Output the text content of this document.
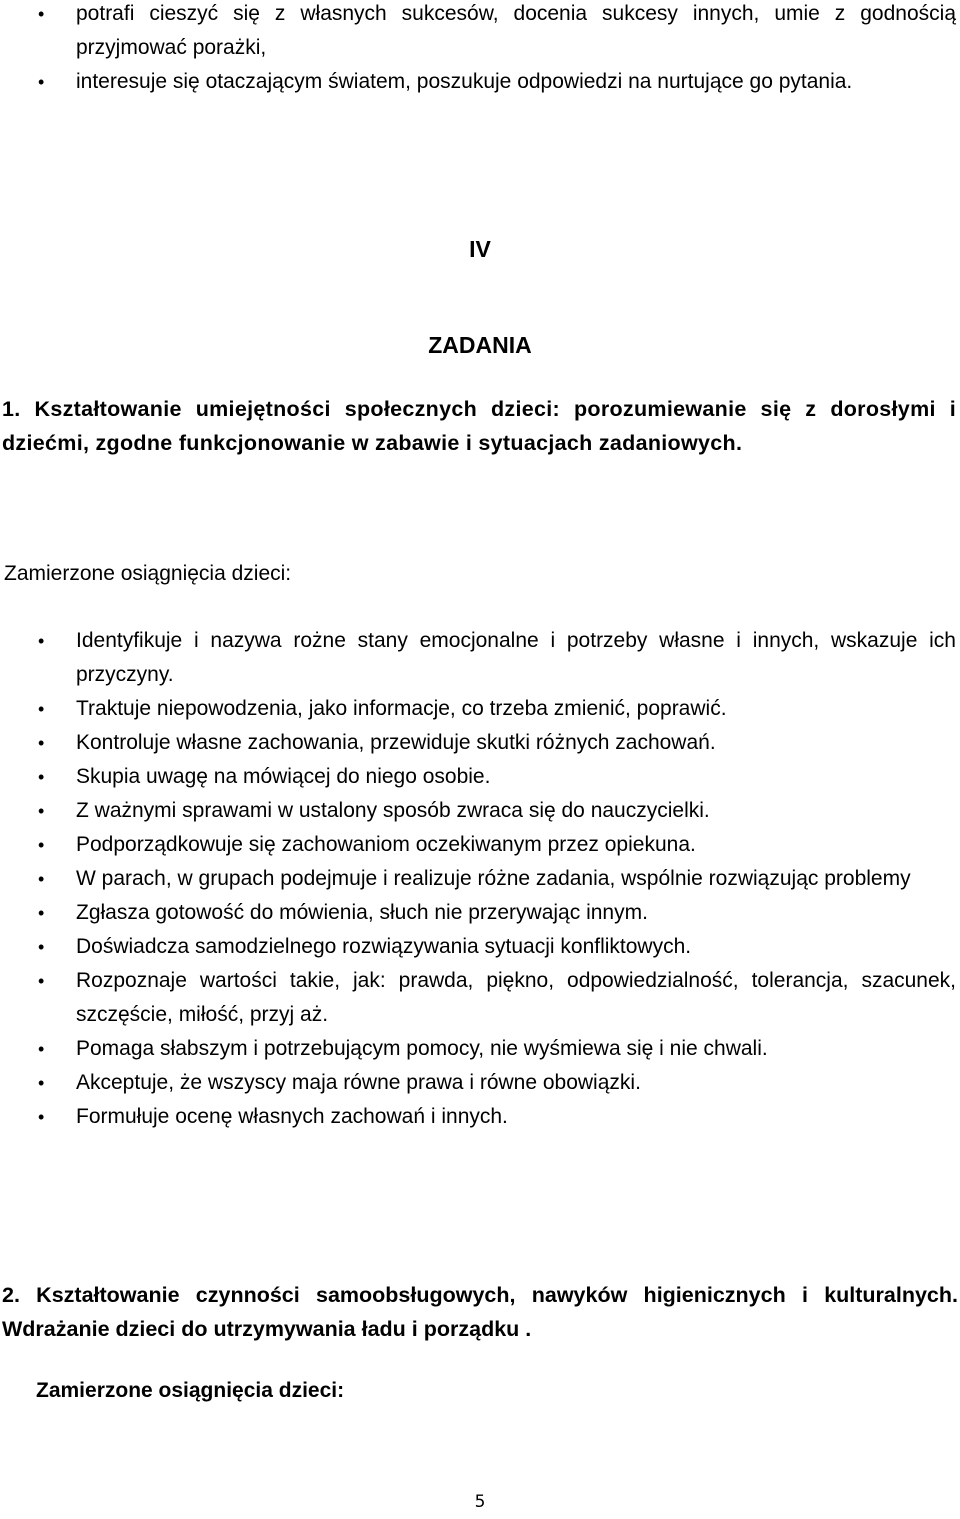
• potrafi cieszyć się z własnych sukcesów, docenia sukcesy innych, umie z godnością przyjmować porażki,
• interesuje się otaczającym światem, poszukuje odpowiedzi na nurtujące go pytania.
IV
ZADANIA
1. Kształtowanie umiejętności społecznych dzieci: porozumiewanie się z dorosłymi i dziećmi, zgodne funkcjonowanie w zabawie i sytuacjach zadaniowych.
Zamierzone osiągnięcia dzieci:
• Identyfikuje i nazywa rożne stany emocjonalne i potrzeby własne i innych, wskazuje ich przyczyny.
• Traktuje niepowodzenia, jako informacje, co trzeba zmienić, poprawić.
• Kontroluje własne zachowania, przewiduje skutki różnych zachowań.
• Skupia uwagę na mówiącej do niego osobie.
• Z ważnymi sprawami w ustalony sposób zwraca się do nauczycielki.
• Podporządkowuje się zachowaniom oczekiwanym przez opiekuna.
• W parach, w grupach podejmuje i realizuje różne zadania, wspólnie rozwiązując problemy
• Zgłasza gotowość do mówienia, słuch nie przerywając innym.
• Doświadcza samodzielnego rozwiązywania sytuacji konfliktowych.
• Rozpoznaje wartości takie, jak: prawda, piękno, odpowiedzialność, tolerancja, szacunek, szczęście, miłość, przyj aż.
• Pomaga słabszym i potrzebującym pomocy, nie wyśmiewa się i nie chwali.
• Akceptuje, że wszyscy maja równe prawa i równe obowiązki.
• Formułuje ocenę własnych zachowań i innych.
2. Kształtowanie czynności samoobsługowych, nawyków higienicznych i kulturalnych. Wdrażanie dzieci do utrzymywania ładu i porządku .
Zamierzone osiągnięcia dzieci:
5
